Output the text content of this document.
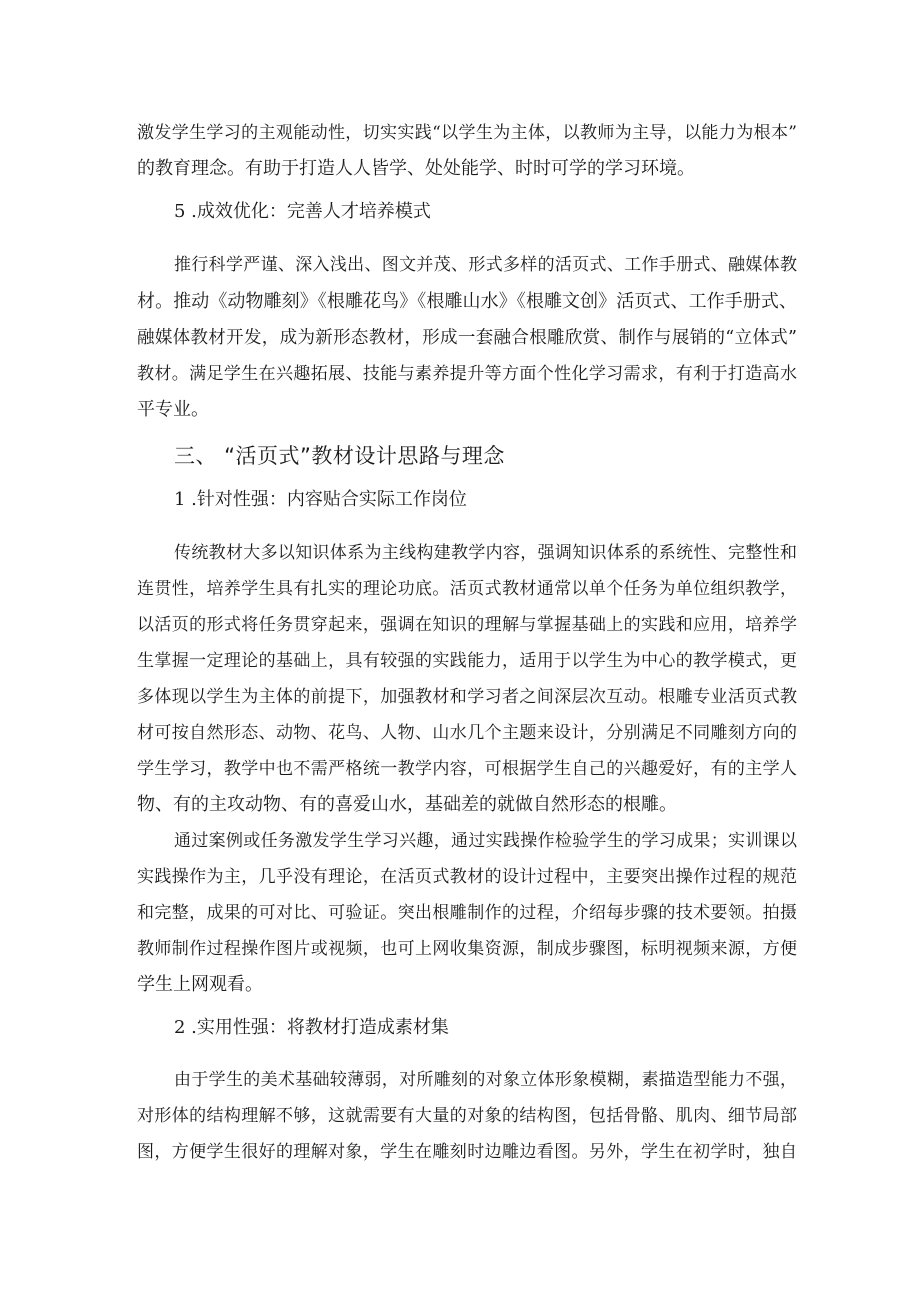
激发学生学习的主观能动性，切实实践“以学生为主体，以教师为主导，以能力为根本”
的教育理念。有助于打造人人皆学、处处能学、时时可学的学习环境。
5 .成效优化：完善人才培养模式
推行科学严谨、深入浅出、图文并茂、形式多样的活页式、工作手册式、融媒体教
材。推动《动物雕刻》《根雕花鸟》《根雕山水》《根雕文创》活页式、工作手册式、
融媒体教材开发，成为新形态教材，形成一套融合根雕欣赏、制作与展销的“立体式”
教材。满足学生在兴趣拓展、技能与素养提升等方面个性化学习需求，有利于打造高水
平专业。
三、 “活页式”教材设计思路与理念
1 .针对性强：内容贴合实际工作岗位
传统教材大多以知识体系为主线构建教学内容，强调知识体系的系统性、完整性和
连贯性，培养学生具有扎实的理论功底。活页式教材通常以单个任务为单位组织教学，
以活页的形式将任务贯穿起来，强调在知识的理解与掌握基础上的实践和应用，培养学
生掌握一定理论的基础上，具有较强的实践能力，适用于以学生为中心的教学模式，更
多体现以学生为主体的前提下，加强教材和学习者之间深层次互动。根雕专业活页式教
材可按自然形态、动物、花鸟、人物、山水几个主题来设计，分别满足不同雕刻方向的
学生学习，教学中也不需严格统一教学内容，可根据学生自己的兴趣爱好，有的主学人
物、有的主攻动物、有的喜爱山水，基础差的就做自然形态的根雕。
通过案例或任务激发学生学习兴趣，通过实践操作检验学生的学习成果；实训课以
实践操作为主，几乎没有理论，在活页式教材的设计过程中，主要突出操作过程的规范
和完整，成果的可对比、可验证。突出根雕制作的过程，介绍每步骤的技术要领。拍摄
教师制作过程操作图片或视频，也可上网收集资源，制成步骤图，标明视频来源，方便
学生上网观看。
2 .实用性强：将教材打造成素材集
由于学生的美术基础较薄弱，对所雕刻的对象立体形象模糊，素描造型能力不强，
对形体的结构理解不够，这就需要有大量的对象的结构图，包括骨骼、肌肉、细节局部
图，方便学生很好的理解对象，学生在雕刻时边雕边看图。另外，学生在初学时，独自
